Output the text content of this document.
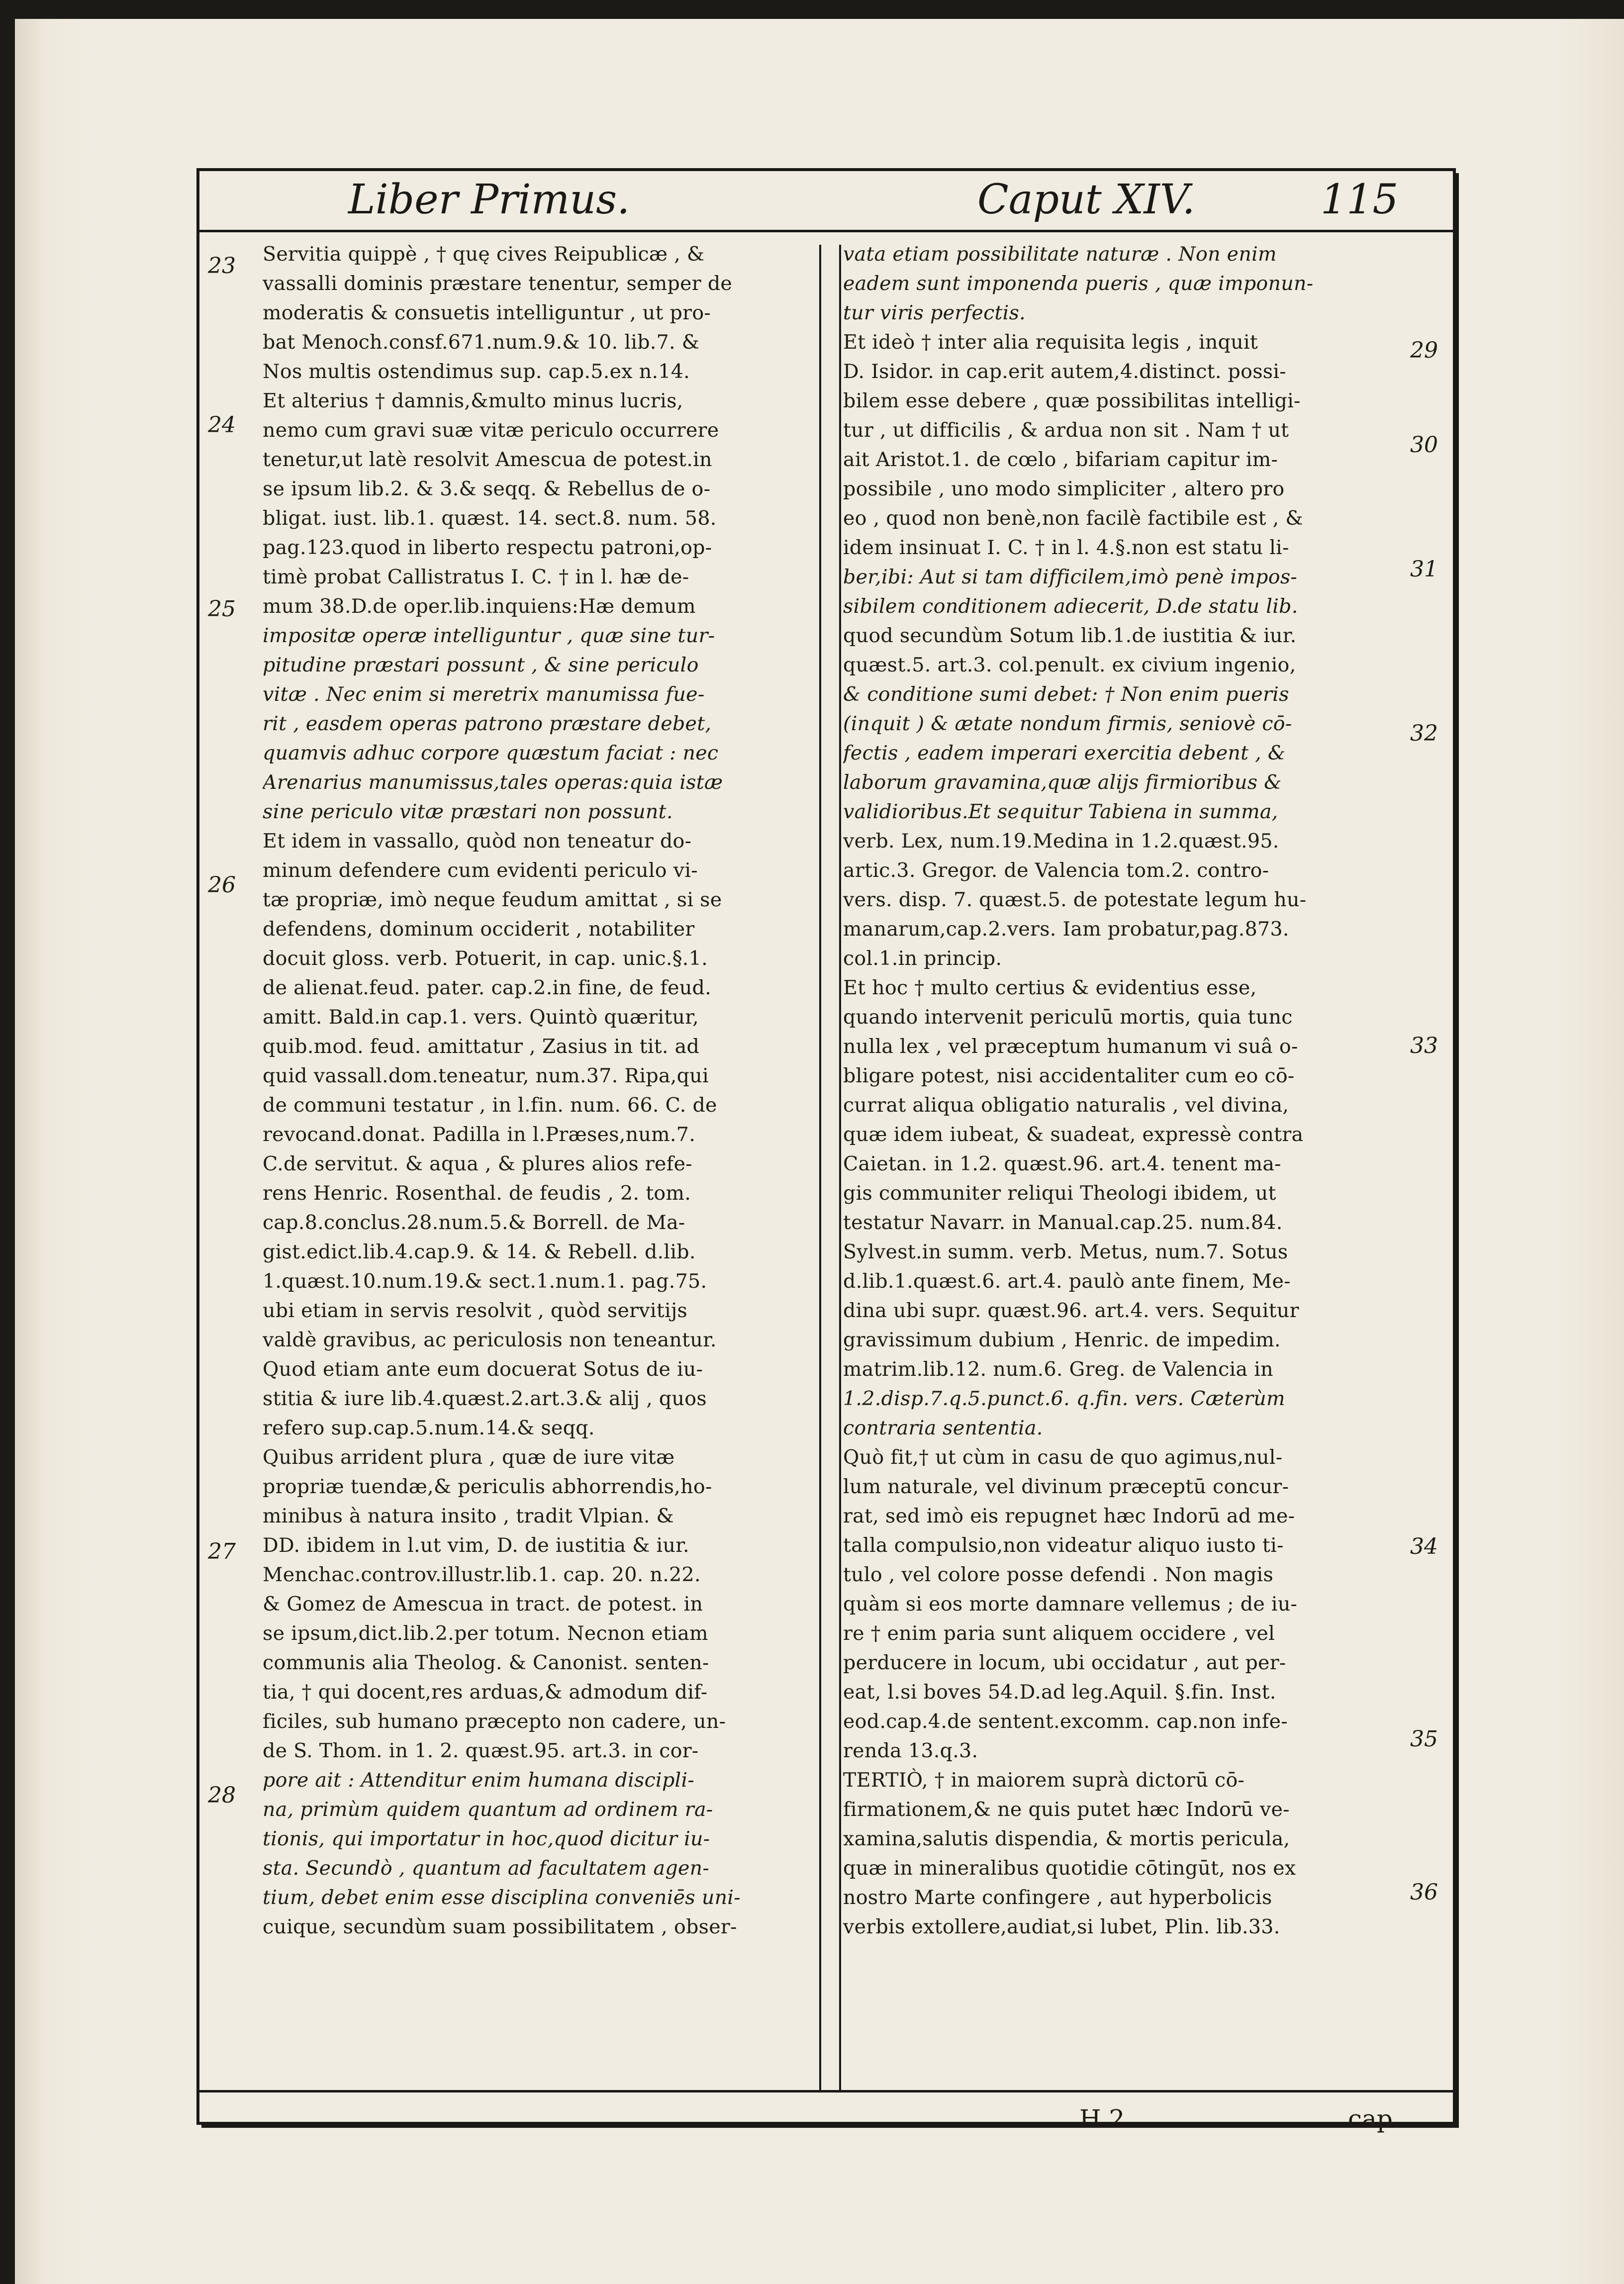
Liber Primus.	Caput XIV.	115
Servitia quippè , † quę cives Reipublicæ , &
vassalli dominis præstare tenentur, semper de
moderatis & consuetis intelliguntur , ut pro-
bat Menoch.consf.671.num.9.& 10. lib.7. &
Nos multis ostendimus sup. cap.5.ex n.14.
Et alterius † damnis,&multo minus lucris,
nemo cum gravi suæ vitæ periculo occurrere
tenetur,ut latè resolvit Amescua de potest.in
se ipsum lib.2. & 3.& seqq. & Rebellus de o-
bligat. iust. lib.1. quæst. 14. sect.8. num. 58.
pag.123.quod in liberto respectu patroni,op-
timè probat Callistratus I. C. † in l. hæ de-
mum 38.D.de oper.lib.inquiens:Hæ demum
impositæ operæ intelliguntur , quæ sine tur-
pitudine præstari possunt , & sine periculo
vitæ . Nec enim si meretrix manumissa fue-
rit , easdem operas patrono præstare debet,
quamvis adhuc corpore quæstum faciat : nec
Arenarius manumissus,tales operas:quia istæ
sine periculo vitæ præstari non possunt.
Et idem in vassallo, quòd non teneatur do-
minum defendere cum evidenti periculo vi-
tæ propriæ, imò neque feudum amittat , si se
defendens, dominum occiderit , notabiliter
docuit gloss. verb. Potuerit, in cap. unic.§.1.
de alienat.feud. pater. cap.2.in fine, de feud.
amitt. Bald.in cap.1. vers. Quintò quæritur,
quib.mod. feud. amittatur , Zasius in tit. ad
quid vassall.dom.teneatur, num.37. Ripa,qui
de communi testatur , in l.fin. num. 66. C. de
revocand.donat. Padilla in l.Præses,num.7.
C.de servitut. & aqua , & plures alios refe-
rens Henric. Rosenthal. de feudis , 2. tom.
cap.8.conclus.28.num.5.& Borrell. de Ma-
gist.edict.lib.4.cap.9. & 14. & Rebell. d.lib.
1.quæst.10.num.19.& sect.1.num.1. pag.75.
ubi etiam in servis resolvit , quòd servitijs
valdè gravibus, ac periculosis non teneantur.
Quod etiam ante eum docuerat Sotus de iu-
stitia & iure lib.4.quæst.2.art.3.& alij , quos
refero sup.cap.5.num.14.& seqq.
Quibus arrident plura , quæ de iure vitæ
propriæ tuendæ,& periculis abhorrendis,ho-
minibus à natura insito , tradit Vlpian. &
DD. ibidem in l.ut vim, D. de iustitia & iur.
Menchac.controv.illustr.lib.1. cap. 20. n.22.
& Gomez de Amescua in tract. de potest. in
se ipsum,dict.lib.2.per totum. Necnon etiam
communis alia Theolog. & Canonist. senten-
tia, † qui docent,res arduas,& admodum dif-
ficiles, sub humano præcepto non cadere, un-
de S. Thom. in 1. 2. quæst.95. art.3. in cor-
pore ait : Attenditur enim humana discipli-
na, primùm quidem quantum ad ordinem ra-
tionis, qui importatur in hoc,quod dicitur iu-
sta. Secundò , quantum ad facultatem agen-
tium, debet enim esse disciplina conveniēs uni-
cuique, secundùm suam possibilitatem , obser-
vata etiam possibilitate naturæ . Non enim
eadem sunt imponenda pueris , quæ imponun-
tur viris perfectis.
Et ideò † inter alia requisita legis , inquit
D. Isidor. in cap.erit autem,4.distinct. possi-
bilem esse debere , quæ possibilitas intelligi-
tur , ut difficilis , & ardua non sit . Nam † ut
ait Aristot.1. de cœlo , bifariam capitur im-
possibile , uno modo simpliciter , altero pro
eo , quod non benè,non facilè factibile est , &
idem insinuat I. C. † in l. 4.§.non est statu li-
ber,ibi: Aut si tam difficilem,imò penè impos-
sibilem conditionem adiecerit, D.de statu lib.
quod secundùm Sotum lib.1.de iustitia & iur.
quæst.5. art.3. col.penult. ex civium ingenio,
& conditione sumi debet: † Non enim pueris
(inquit ) & ætate nondum firmis, seniovè cō-
fectis , eadem imperari exercitia debent , &
laborum gravamina,quæ alijs firmioribus &
validioribus.Et sequitur Tabiena in summa,
verb. Lex, num.19.Medina in 1.2.quæst.95.
artic.3. Gregor. de Valencia tom.2. contro-
vers. disp. 7. quæst.5. de potestate legum hu-
manarum,cap.2.vers. Iam probatur,pag.873.
col.1.in princip.
Et hoc † multo certius & evidentius esse,
quando intervenit periculū mortis, quia tunc
nulla lex , vel præceptum humanum vi suâ o-
bligare potest, nisi accidentaliter cum eo cō-
currat aliqua obligatio naturalis , vel divina,
quæ idem iubeat, & suadeat, expressè contra
Caietan. in 1.2. quæst.96. art.4. tenent ma-
gis communiter reliqui Theologi ibidem, ut
testatur Navarr. in Manual.cap.25. num.84.
Sylvest.in summ. verb. Metus, num.7. Sotus
d.lib.1.quæst.6. art.4. paulò ante finem, Me-
dina ubi supr. quæst.96. art.4. vers. Sequitur
gravissimum dubium , Henric. de impedim.
matrim.lib.12. num.6. Greg. de Valencia in
1.2.disp.7.q.5.punct.6. q.fin. vers. Cæterùm
contraria sententia.
Quò fit,† ut cùm in casu de quo agimus,nul-
lum naturale, vel divinum præceptū concur-
rat, sed imò eis repugnet hæc Indorū ad me-
talla compulsio,non videatur aliquo iusto ti-
tulo , vel colore posse defendi . Non magis
quàm si eos morte damnare vellemus ; de iu-
re † enim paria sunt aliquem occidere , vel
perducere in locum, ubi occidatur , aut per-
eat, l.si boves 54.D.ad leg.Aquil. §.fin. Inst.
eod.cap.4.de sentent.excomm. cap.non infe-
renda 13.q.3.
TERTIÒ, † in maiorem suprà dictorū cō-
firmationem,& ne quis putet hæc Indorū ve-
xamina,salutis dispendia, & mortis pericula,
quæ in mineralibus quotidie cōtingūt, nos ex
nostro Marte confingere , aut hyperbolicis
verbis extollere,audiat,si lubet, Plin. lib.33.
23
24
25
26
27
28
29
30
31
32
33
34
35
36
H 2	cap.
